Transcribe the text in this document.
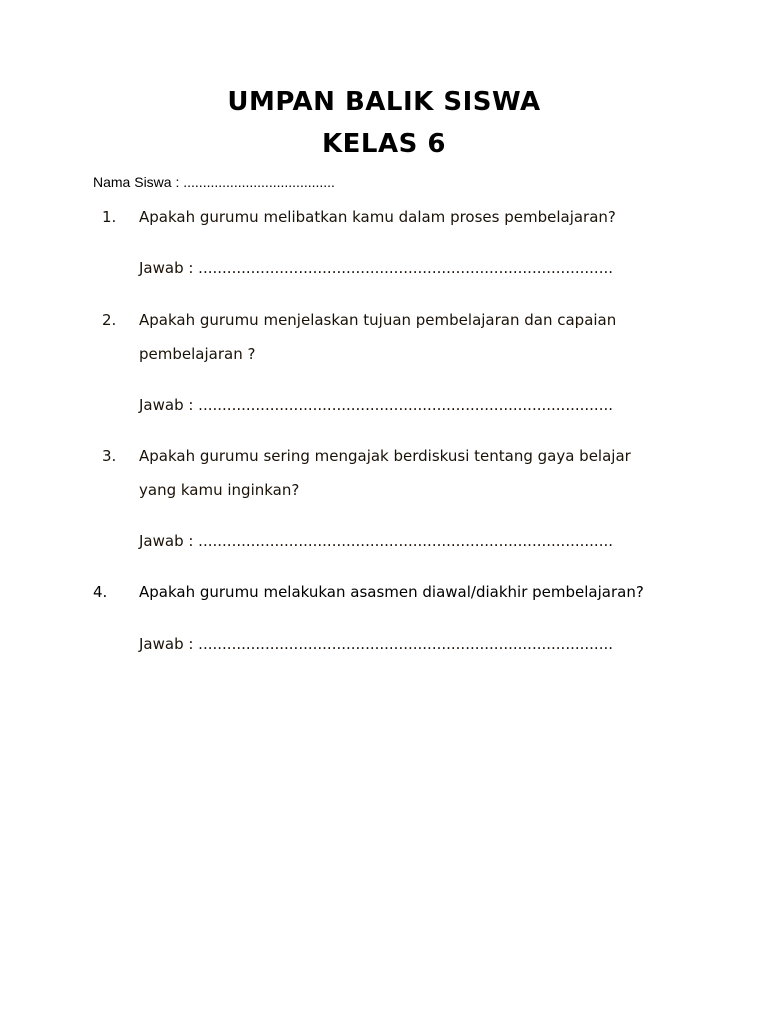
UMPAN BALIK SISWA
KELAS 6
Nama Siswa : .......................................
1. Apakah gurumu melibatkan kamu dalam proses pembelajaran?
Jawab : .......................................................................................
2. Apakah gurumu menjelaskan tujuan pembelajaran dan capaian
pembelajaran ?
Jawab : .......................................................................................
3. Apakah gurumu sering mengajak berdiskusi tentang gaya belajar
yang kamu inginkan?
Jawab : .......................................................................................
4. Apakah gurumu melakukan asasmen diawal/diakhir pembelajaran?
Jawab : .......................................................................................
